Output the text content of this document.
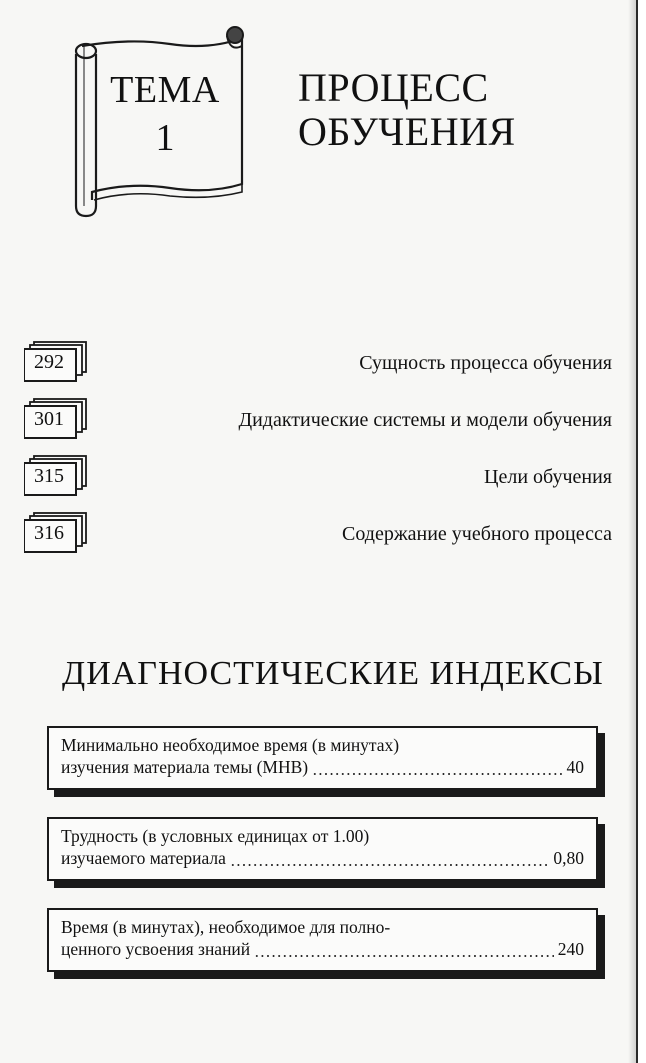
ТЕМА
1
ПРОЦЕСС
ОБУЧЕНИЯ
292	Сущность процесса обучения
301	Дидактические системы и модели обучения
315	Цели обучения
316	Содержание учебного процесса
ДИАГНОСТИЧЕСКИЕ ИНДЕКСЫ
Минимально необходимое время (в минутах)
изучения материала темы (МНВ)	40
Трудность (в условных единицах от 1.00)
изучаемого материала	0,80
Время (в минутах), необходимое для полно-
ценного усвоения знаний	240
